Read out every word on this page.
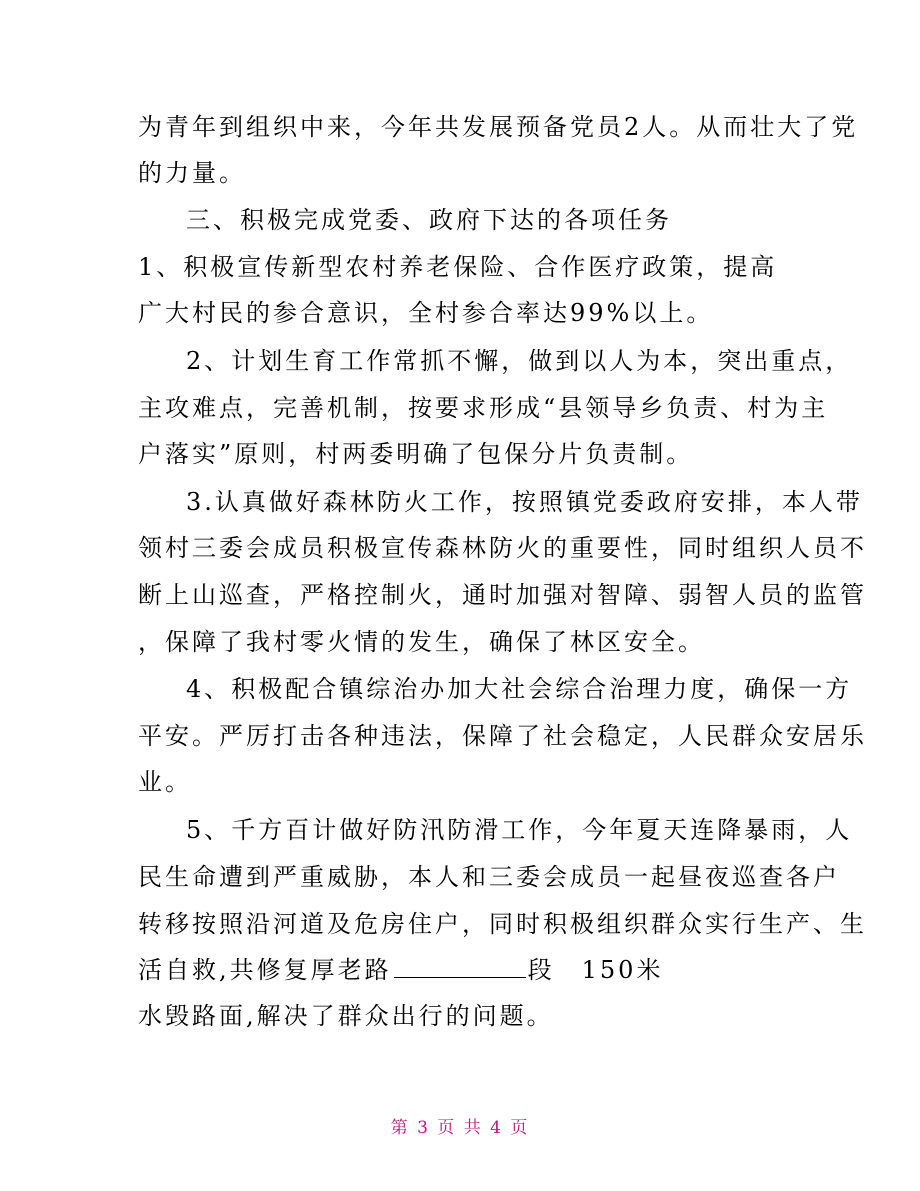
为青年到组织中来，今年共发展预备党员2人。从而壮大了党
的力量。
三、积极完成党委、政府下达的各项任务
1、积极宣传新型农村养老保险、合作医疗政策，提高
广大村民的参合意识，全村参合率达99%以上。
2、计划生育工作常抓不懈，做到以人为本，突出重点，
主攻难点，完善机制，按要求形成“县领导乡负责、村为主
户落实”原则，村两委明确了包保分片负责制。
3.认真做好森林防火工作，按照镇党委政府安排，本人带
领村三委会成员积极宣传森林防火的重要性，同时组织人员不
断上山巡查，严格控制火，通时加强对智障、弱智人员的监管
，保障了我村零火情的发生，确保了林区安全。
4、积极配合镇综治办加大社会综合治理力度，确保一方
平安。严厉打击各种违法，保障了社会稳定，人民群众安居乐
业。
5、千方百计做好防汛防滑工作，今年夏天连降暴雨，人
民生命遭到严重威胁，本人和三委会成员一起昼夜巡查各户
转移按照沿河道及危房住户，同时积极组织群众实行生产、生
活自救,共修复厚老路	段　150米
水毁路面,解决了群众出行的问题。
第 3 页 共 4 页
